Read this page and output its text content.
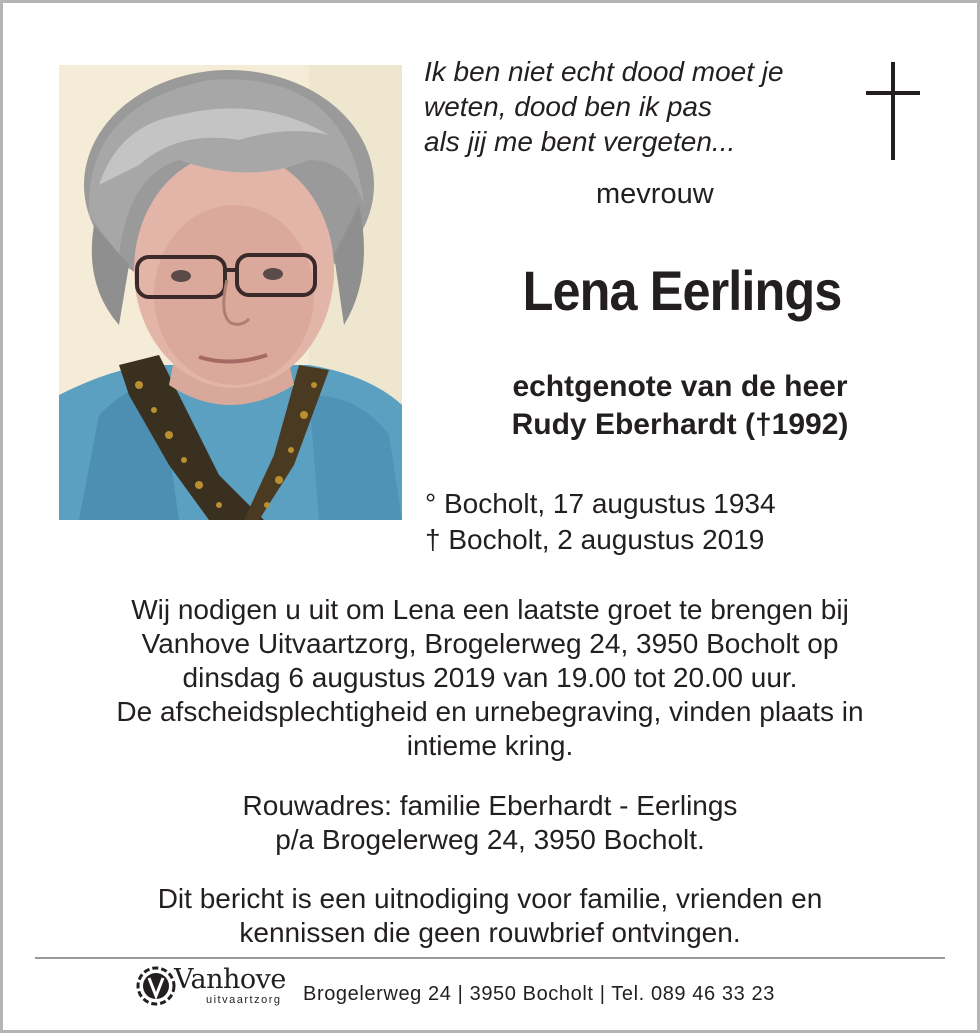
Ik ben niet echt dood moet je
weten, dood ben ik pas
als jij me bent vergeten...
mevrouw
Lena Eerlings
echtgenote van de heer
Rudy Eberhardt (†1992)
° Bocholt, 17 augustus 1934
† Bocholt, 2 augustus 2019
Wij nodigen u uit om Lena een laatste groet te brengen bij
Vanhove Uitvaartzorg, Brogelerweg 24, 3950 Bocholt op
dinsdag 6 augustus 2019 van 19.00 tot 20.00 uur.
De afscheidsplechtigheid en urnebegraving, vinden plaats in
intieme kring.
Rouwadres: familie Eberhardt - Eerlings
p/a Brogelerweg 24, 3950 Bocholt.
Dit bericht is een uitnodiging voor familie, vrienden en
kennissen die geen rouwbrief ontvingen.
Vanhove
uitvaartzorg Brogelerweg 24 | 3950 Bocholt | Tel. 089 46 33 23
